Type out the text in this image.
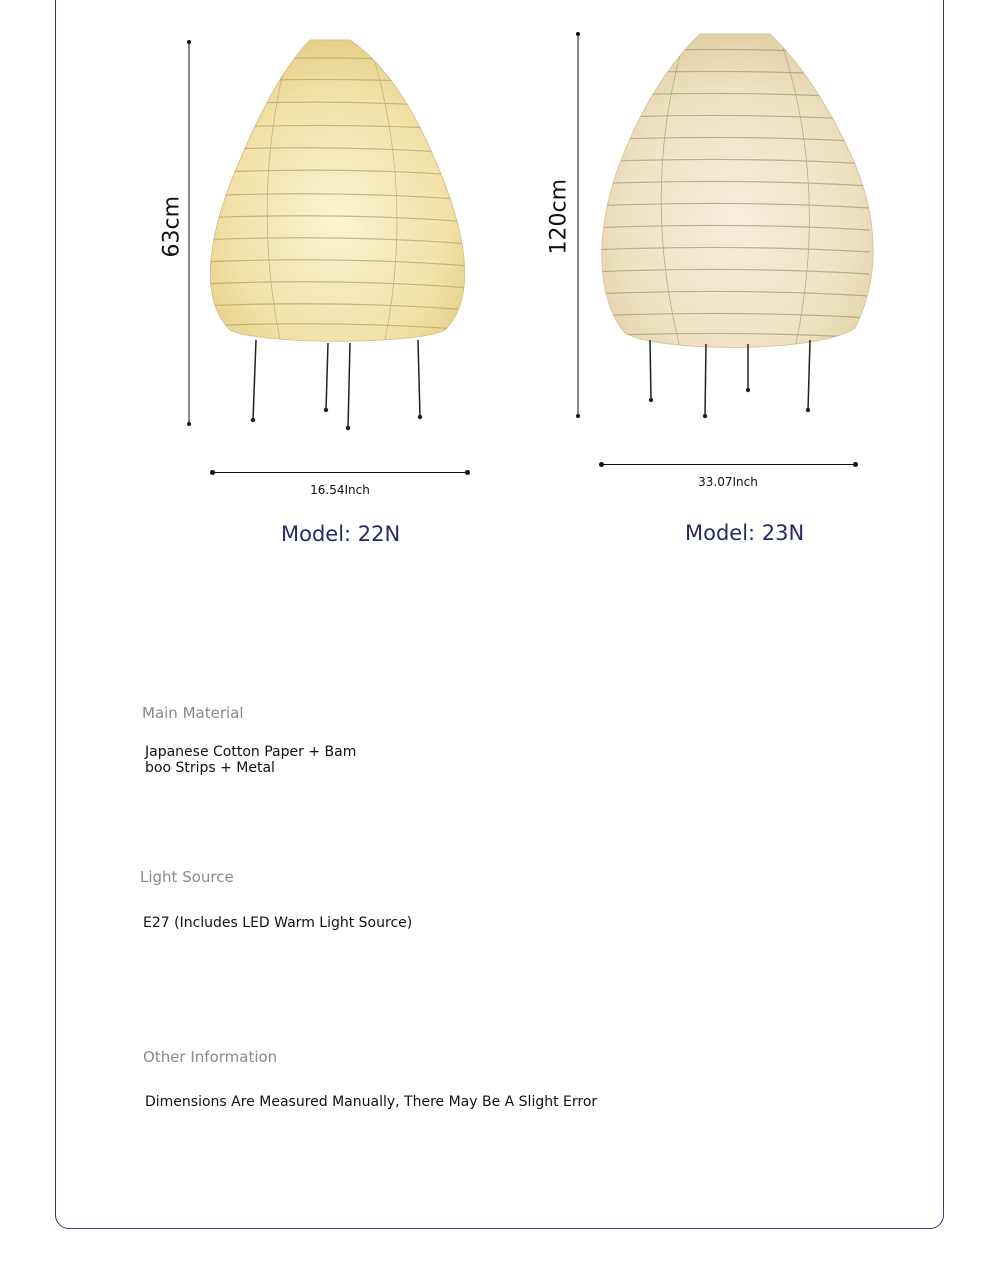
63cm
16.54Inch
Model: 22N
120cm
33.07Inch
Model: 23N
Main Material
Japanese Cotton Paper + Bamboo Strips + Metal
Light Source
E27 (Includes LED Warm Light Source)
Other Information
Dimensions Are Measured Manually, There May Be A Slight Error
